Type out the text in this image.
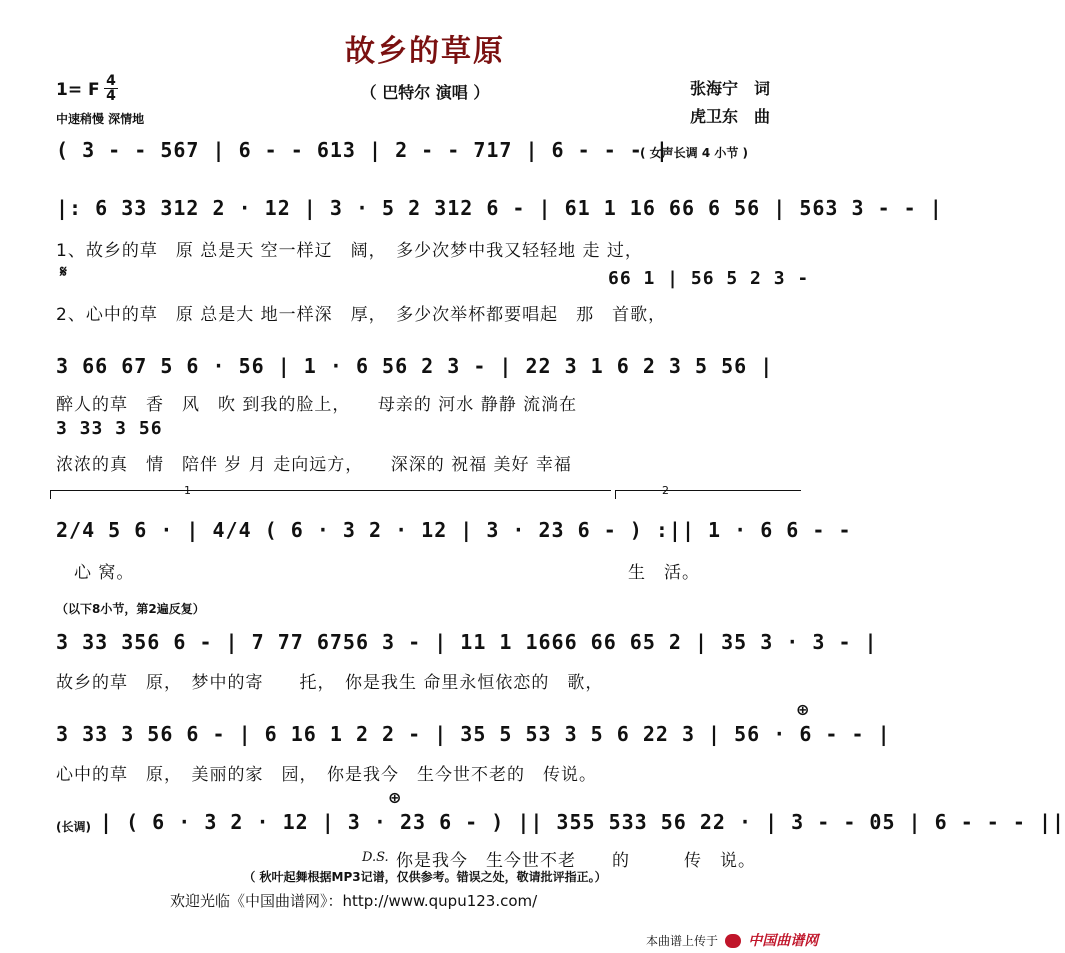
故乡的草原
（ 巴特尔 演唱 ）	张海宁　词
虎卫东　曲
1= F $\frac{4}{4}$
中速稍慢 深情地
( 3 - - 567 | 6 - - 613 | 2 - - 717 | 6 - - - |
( 女声长调 4 小节 )
|: 6 33 312 2 · 12 | 3 · 5 2 312 6 - | 61 1 16 66 6 56 | 563 3 - - |
1、故乡的草　原 总是天 空一样辽　阔，　多少次梦中我又轻轻地 走 过，
𝄋	66 1 | 56 5 2 3 -
2、心中的草　原 总是大 地一样深　厚，　多少次举杯都要唱起　那　首歌，
3 66 67 5 6 · 56 | 1 · 6 56 2 3 - | 22 3 1 6 2 3 5 56 |
醉人的草　香　风　吹 到我的脸上，　　母亲的 河水 静静 流淌在
3 33 3 56
浓浓的真　情　陪伴 岁 月 走向远方，　　深深的 祝福 美好 幸福
1	2
2/4 5 6 · | 4/4 ( 6 · 3 2 · 12 | 3 · 23 6 - ) :|| 1 · 6 6 - -
心 窝。	生　活。
（以下8小节，第2遍反复）
3 33 356 6 - | 7 77 6756 3 - | 11 1 1666 66 65 2 | 35 3 · 3 - |
故乡的草　原，　梦中的寄　　托，　你是我生 命里永恒依恋的　歌，
⊕
3 33 3 56 6 - | 6 16 1 2 2 - | 35 5 53 3 5 6 22 3 | 56 · 6 - - |
心中的草　原，　美丽的家　园，　你是我今　生今世不老的　传说。
⊕
(长调) | ( 6 · 3 2 · 12 | 3 · 23 6 - ) || 355 533 56 22 · | 3 - - 05 | 6 - - - ||
D.S. 你是我今　生今世不老　　的　　　传　说。
（ 秋叶起舞根据MP3记谱，仅供参考。错误之处，敬请批评指正。）
欢迎光临《中国曲谱网》：http://www.qupu123.com/
本曲谱上传于 中国曲谱网
